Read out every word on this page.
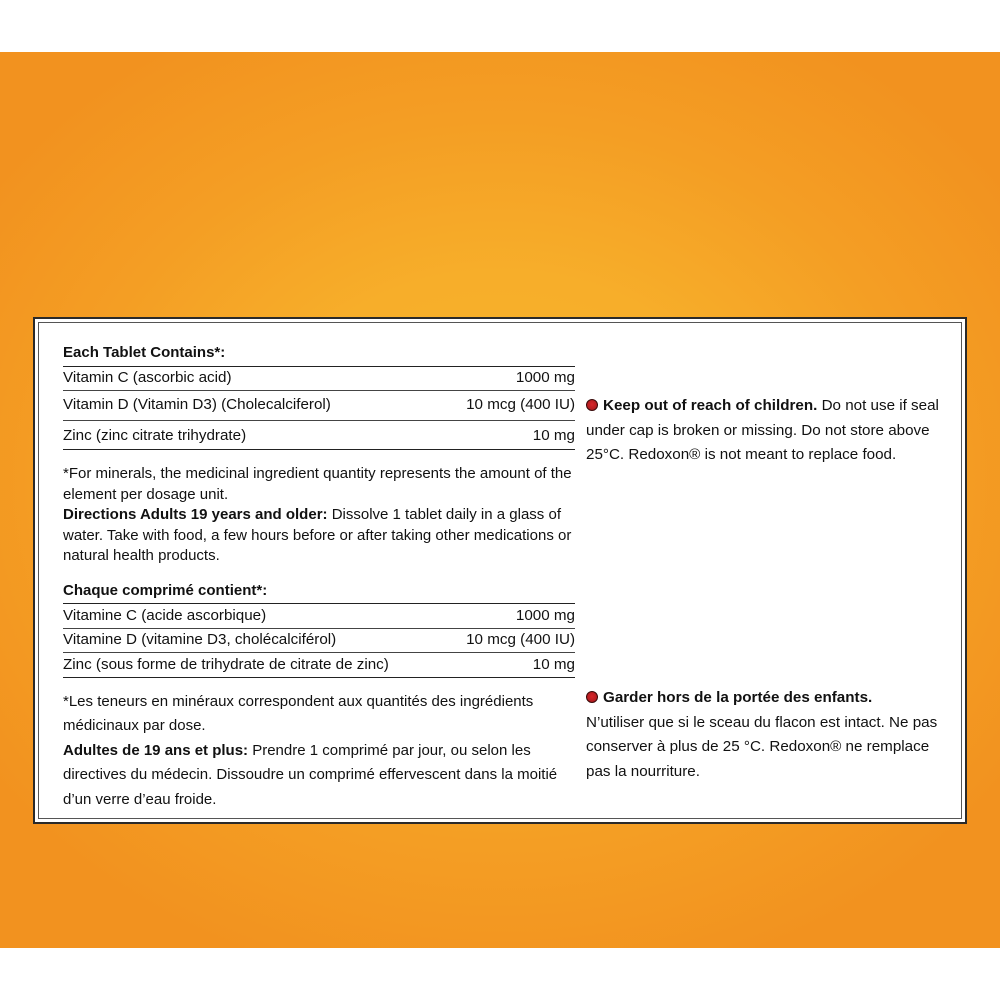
Each Tablet Contains*:
Vitamin C (ascorbic acid)	1000 mg
Vitamin D (Vitamin D3) (Cholecalciferol)	10 mcg (400 IU)
Zinc (zinc citrate trihydrate)	10 mg
*For minerals, the medicinal ingredient quantity represents the amount of the element per dosage unit.
Directions Adults 19 years and older: Dissolve 1 tablet daily in a glass of water. Take with food, a few hours before or after taking other medications or natural health products.
Chaque comprimé contient*:
Vitamine C (acide ascorbique)	1000 mg
Vitamine D (vitamine D3, cholécalciférol)	10 mcg (400 IU)
Zinc (sous forme de trihydrate de citrate de zinc)	10 mg
*Les teneurs en minéraux correspondent aux quantités des ingrédients médicinaux par dose.
Adultes de 19 ans et plus: Prendre 1 comprimé par jour, ou selon les directives du médecin. Dissoudre un comprimé effervescent dans la moitié d’un verre d’eau froide.
Keep out of reach of children. Do not use if seal under cap is broken or missing. Do not store above 25°C. Redoxon® is not meant to replace food.
Garder hors de la portée des enfants.
N’utiliser que si le sceau du flacon est intact. Ne pas conserver à plus de 25 °C. Redoxon® ne remplace pas la nourriture.
